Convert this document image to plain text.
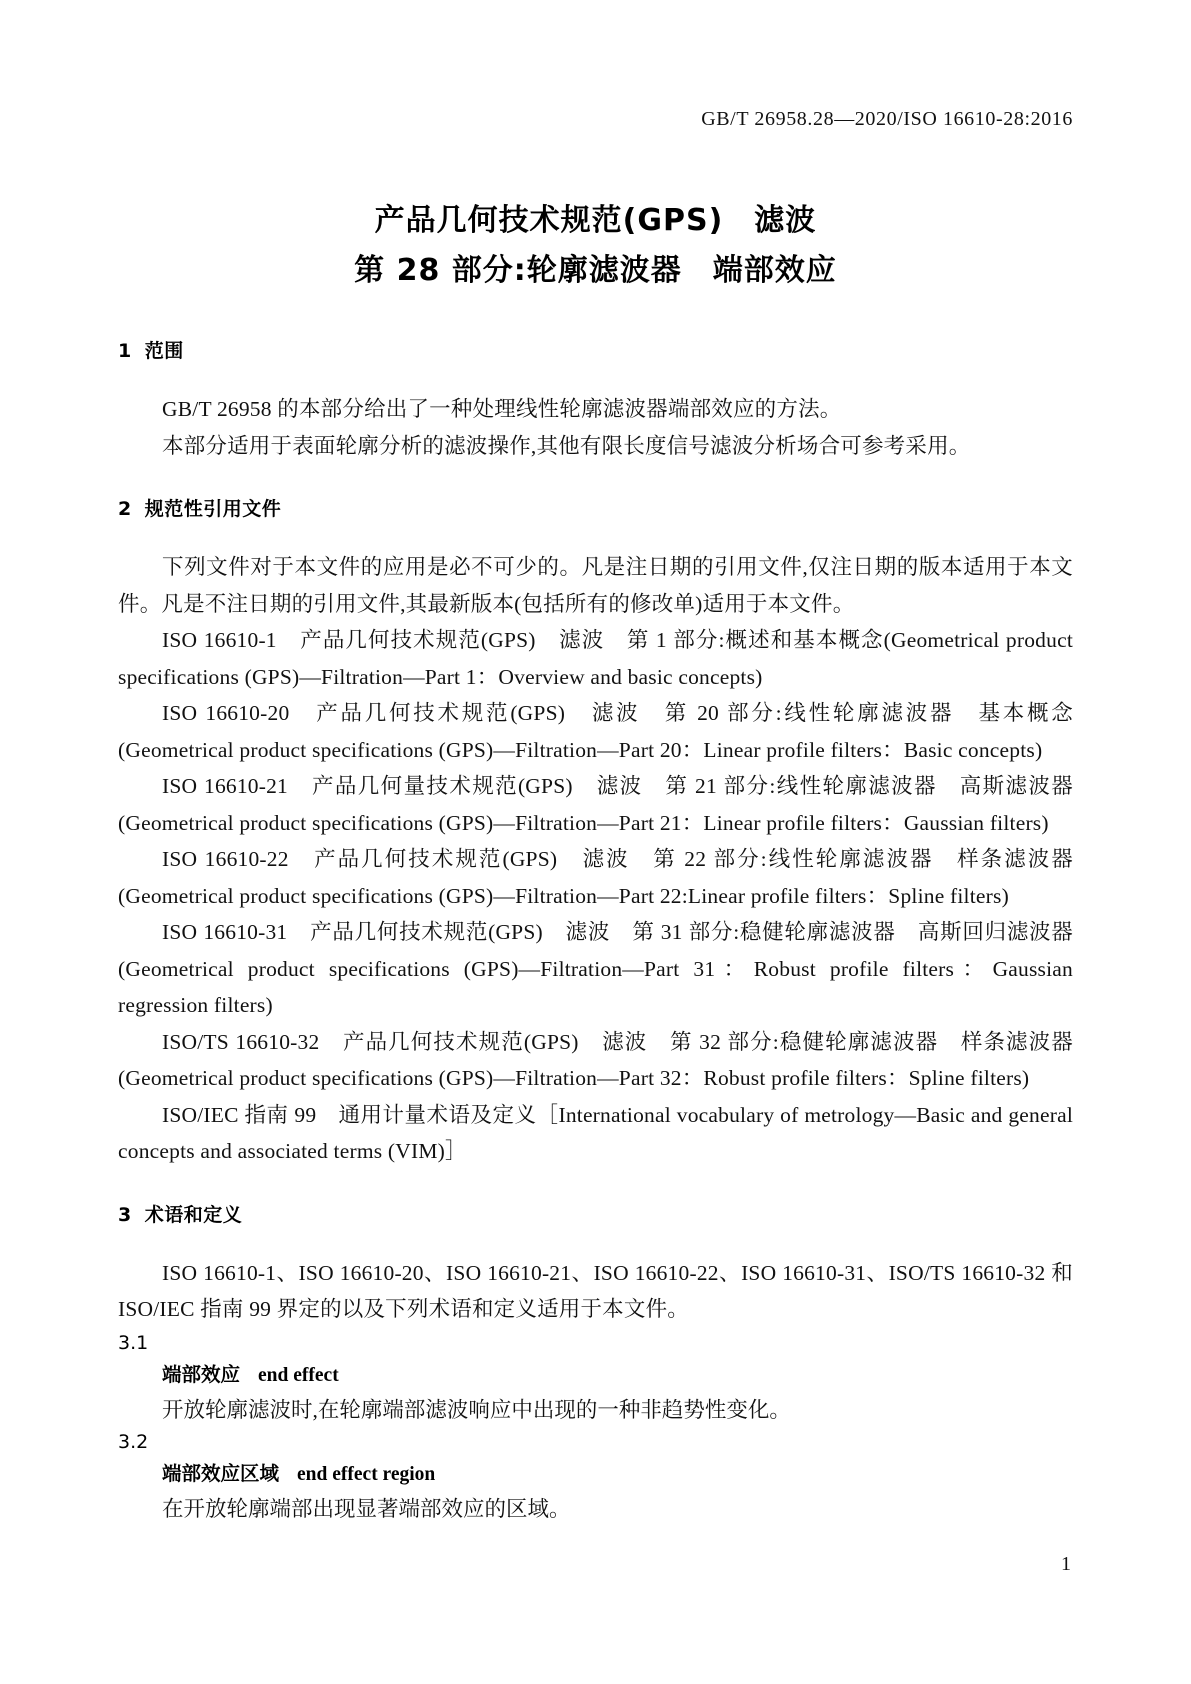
GB/T 26958.28—2020/ISO 16610-28:2016
产品几何技术规范(GPS)　滤波
第 28 部分:轮廓滤波器　端部效应

1 范围

GB/T 26958 的本部分给出了一种处理线性轮廓滤波器端部效应的方法。

本部分适用于表面轮廓分析的滤波操作,其他有限长度信号滤波分析场合可参考采用。

2 规范性引用文件

下列文件对于本文件的应用是必不可少的。凡是注日期的引用文件,仅注日期的版本适用于本文件。凡是不注日期的引用文件,其最新版本(包括所有的修改单)适用于本文件。

ISO 16610-1　产品几何技术规范(GPS)　滤波　第 1 部分:概述和基本概念(Geometrical product specifications (GPS)—Filtration—Part 1：Overview and basic concepts)

ISO 16610-20　产品几何技术规范(GPS)　滤波　第 20 部分:线性轮廓滤波器　基本概念(Geometrical product specifications (GPS)—Filtration—Part 20：Linear profile filters：Basic concepts)

ISO 16610-21　产品几何量技术规范(GPS)　滤波　第 21 部分:线性轮廓滤波器　高斯滤波器(Geometrical product specifications (GPS)—Filtration—Part 21：Linear profile filters：Gaussian filters)

ISO 16610-22　产品几何技术规范(GPS)　滤波　第 22 部分:线性轮廓滤波器　样条滤波器(Geometrical product specifications (GPS)—Filtration—Part 22:Linear profile filters：Spline filters)

ISO 16610-31　产品几何技术规范(GPS)　滤波　第 31 部分:稳健轮廓滤波器　高斯回归滤波器(Geometrical product specifications (GPS)—Filtration—Part 31：Robust profile filters：Gaussian regression filters)

ISO/TS 16610-32　产品几何技术规范(GPS)　滤波　第 32 部分:稳健轮廓滤波器　样条滤波器(Geometrical product specifications (GPS)—Filtration—Part 32：Robust profile filters：Spline filters)

ISO/IEC 指南 99　通用计量术语及定义［International vocabulary of metrology—Basic and general concepts and associated terms (VIM)］

3 术语和定义

ISO 16610-1、ISO 16610-20、ISO 16610-21、ISO 16610-22、ISO 16610-31、ISO/TS 16610-32 和 ISO/IEC 指南 99 界定的以及下列术语和定义适用于本文件。

3.1

端部效应 end effect

开放轮廓滤波时,在轮廓端部滤波响应中出现的一种非趋势性变化。

3.2

端部效应区域 end effect region

在开放轮廓端部出现显著端部效应的区域。

1
